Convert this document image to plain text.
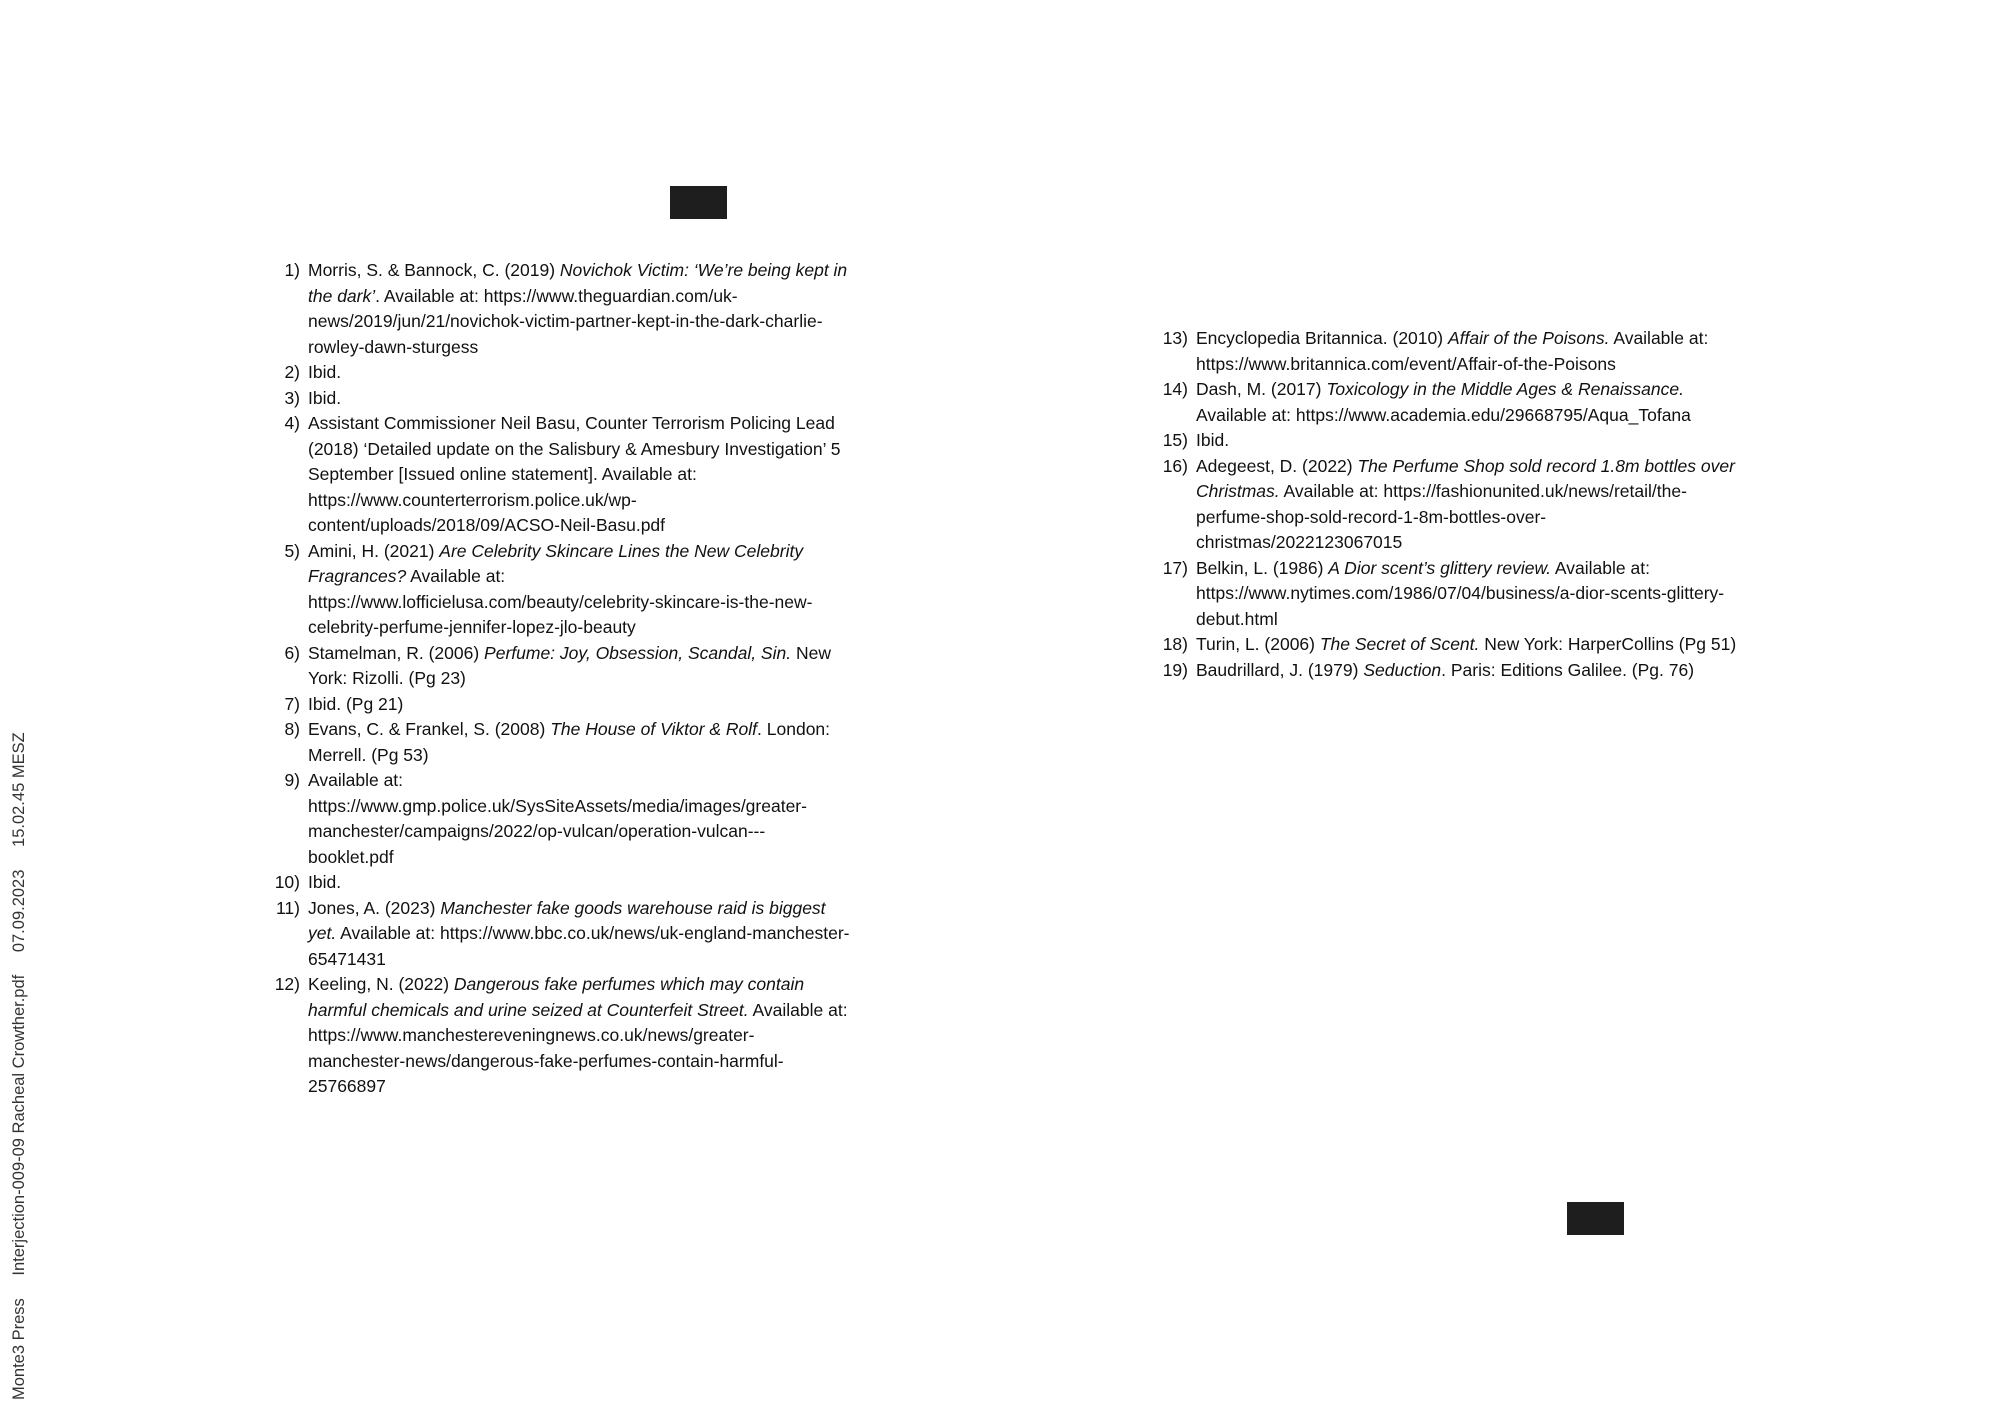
1) Morris, S. & Bannock, C. (2019) Novichok Victim: ‘We’re being kept in the dark’. Available at: https://www.theguardian.com/uk-news/2019/jun/21/novichok-victim-partner-kept-in-the-dark-charlie-rowley-dawn-sturgess
2) Ibid.
3) Ibid.
4) Assistant Commissioner Neil Basu, Counter Terrorism Policing Lead (2018) ‘Detailed update on the Salisbury & Amesbury Investigation’ 5 September [Issued online statement]. Available at: https://www.counterterrorism.police.uk/wp-content/uploads/2018/09/ACSO-Neil-Basu.pdf
5) Amini, H. (2021) Are Celebrity Skincare Lines the New Celebrity Fragrances? Available at: https://www.lofficielusa.com/beauty/celebrity-skincare-is-the-new-celebrity-perfume-jennifer-lopez-jlo-beauty
6) Stamelman, R. (2006) Perfume: Joy, Obsession, Scandal, Sin. New York: Rizolli. (Pg 23)
7) Ibid. (Pg 21)
8) Evans, C. & Frankel, S. (2008) The House of Viktor & Rolf. London: Merrell. (Pg 53)
9) Available at: https://www.gmp.police.uk/SysSiteAssets/media/images/greater-manchester/campaigns/2022/op-vulcan/operation-vulcan---booklet.pdf
10) Ibid.
11) Jones, A. (2023) Manchester fake goods warehouse raid is biggest yet. Available at: https://www.bbc.co.uk/news/uk-england-manchester-65471431
12) Keeling, N. (2022) Dangerous fake perfumes which may contain harmful chemicals and urine seized at Counterfeit Street. Available at: https://www.manchestereveningnews.co.uk/news/greater-manchester-news/dangerous-fake-perfumes-contain-harmful-25766897
13) Encyclopedia Britannica. (2010) Affair of the Poisons. Available at: https://www.britannica.com/event/Affair-of-the-Poisons
14) Dash, M. (2017) Toxicology in the Middle Ages & Renaissance. Available at: https://www.academia.edu/29668795/Aqua_Tofana
15) Ibid.
16) Adegeest, D. (2022) The Perfume Shop sold record 1.8m bottles over Christmas. Available at: https://fashionunited.uk/news/retail/the-perfume-shop-sold-record-1-8m-bottles-over-christmas/2022123067015
17) Belkin, L. (1986) A Dior scent’s glittery review. Available at: https://www.nytimes.com/1986/07/04/business/a-dior-scents-glittery-debut.html
18) Turin, L. (2006) The Secret of Scent. New York: HarperCollins (Pg 51)
19) Baudrillard, J. (1979) Seduction. Paris: Editions Galilee. (Pg. 76)
Monte3 Press Interjection-009-09 Racheal Crowther.pdf 07.09.2023 15.02.45 MESZ
